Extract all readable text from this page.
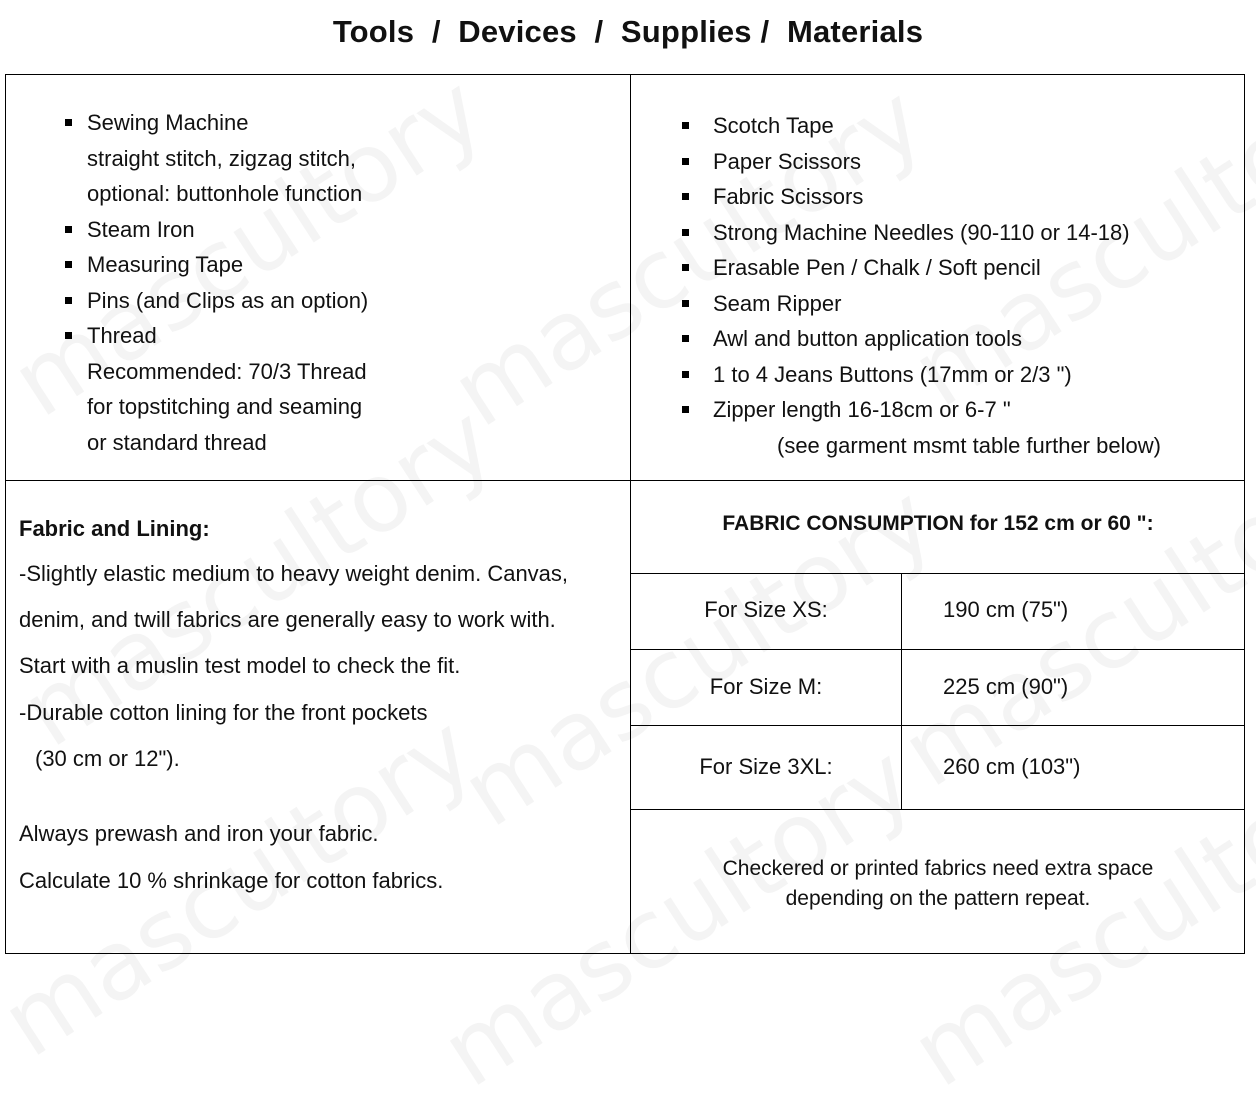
Tools  /  Devices  /  Supplies /  Materials
Sewing Machine
straight stitch, zigzag stitch,
optional: buttonhole function
Steam Iron
Measuring Tape
Pins (and Clips as an option)
Thread
Recommended: 70/3 Thread
for topstitching and seaming
or standard thread
Scotch Tape
Paper Scissors
Fabric Scissors
Strong Machine Needles (90-110 or 14-18)
Erasable Pen / Chalk / Soft pencil
Seam Ripper
Awl and button application tools
1 to 4 Jeans Buttons (17mm or 2/3 ")
Zipper length 16-18cm or 6-7 "
(see garment msmt table further below)
Fabric and Lining:
-Slightly elastic medium to heavy weight denim. Canvas,
denim, and twill fabrics are generally easy to work with.
Start with a muslin test model to check the fit.
-Durable cotton lining for the front pockets
(30 cm or 12").
Always prewash and iron your fabric.
Calculate 10 % shrinkage for cotton fabrics.
FABRIC CONSUMPTION for 152 cm or 60 ":
For Size XS:	190 cm (75")
For Size M:	225 cm (90")
For Size 3XL:	260 cm (103")
Checkered or printed fabrics need extra space
depending on the pattern repeat.
